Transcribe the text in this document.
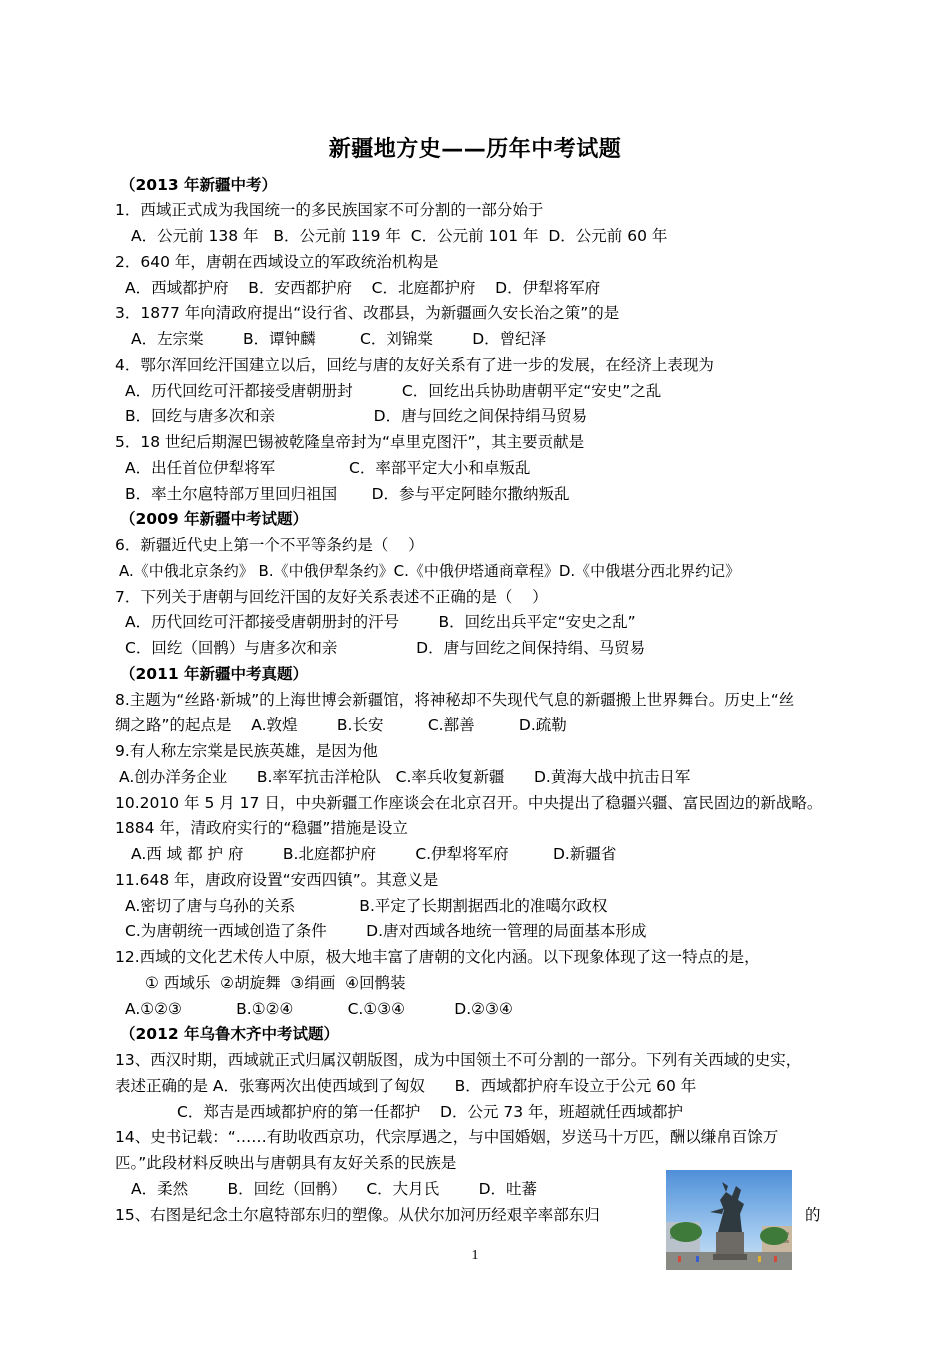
新疆地方史——历年中考试题
（2013 年新疆中考）
1．西域正式成为我国统一的多民族国家不可分割的一部分始于
A．公元前 138 年   B．公元前 119 年  C．公元前 101 年  D．公元前 60 年
2．640 年，唐朝在西域设立的军政统治机构是
A．西域都护府    B．安西都护府    C．北庭都护府    D．伊犁将军府
3．1877 年向清政府提出“设行省、改郡县，为新疆画久安长治之策”的是
A．左宗棠        B．谭钟麟         C．刘锦棠        D．曾纪泽
4．鄂尔浑回纥汗国建立以后，回纥与唐的友好关系有了进一步的发展，在经济上表现为
A．历代回纥可汗都接受唐朝册封          C．回纥出兵协助唐朝平定“安史”之乱
B．回纥与唐多次和亲                    D．唐与回纥之间保持绢马贸易
5．18 世纪后期渥巴锡被乾隆皇帝封为“卓里克图汗”，其主要贡献是
A．出任首位伊犁将军               C．率部平定大小和卓叛乱
B．率土尔扈特部万里回归祖国       D．参与平定阿睦尔撒纳叛乱
（2009 年新疆中考试题）
6．新疆近代史上第一个不平等条约是（    ）
A.《中俄北京条约》 B.《中俄伊犁条约》C.《中俄伊塔通商章程》D.《中俄堪分西北界约记》
7．下列关于唐朝与回纥汗国的友好关系表述不正确的是（    ）
A．历代回纥可汗都接受唐朝册封的汗号        B．回纥出兵平定“安史之乱”
C．回纥（回鹘）与唐多次和亲                D．唐与回纥之间保持绢、马贸易
（2011 年新疆中考真题）
8.主题为“丝路·新城”的上海世博会新疆馆，将神秘却不失现代气息的新疆搬上世界舞台。历史上“丝
绸之路”的起点是    A.敦煌        B.长安         C.鄯善         D.疏勒
9.有人称左宗棠是民族英雄，是因为他
A.创办洋务企业      B.率军抗击洋枪队   C.率兵收复新疆      D.黄海大战中抗击日军
10.2010 年 5 月 17 日，中央新疆工作座谈会在北京召开。中央提出了稳疆兴疆、富民固边的新战略。
1884 年，清政府实行的“稳疆”措施是设立
A.西 域 都 护 府        B.北庭都护府        C.伊犁将军府         D.新疆省
11.648 年，唐政府设置“安西四镇”。其意义是
A.密切了唐与乌孙的关系             B.平定了长期割据西北的准噶尔政权
C.为唐朝统一西域创造了条件        D.唐对西域各地统一管理的局面基本形成
12.西域的文化艺术传人中原，极大地丰富了唐朝的文化内涵。以下现象体现了这一特点的是，
① 西域乐  ②胡旋舞  ③绢画  ④回鹘装
A.①②③           B.①②④           C.①③④          D.②③④
（2012 年乌鲁木齐中考试题）
13、西汉时期，西域就正式归属汉朝版图，成为中国领土不可分割的一部分。下列有关西域的史实，
表述正确的是 A．张骞两次出使西域到了匈奴      B．西域都护府车设立于公元 60 年
C．郑吉是西域都护府的第一任都护    D．公元 73 年，班超就任西域都护
14、史书记载：“……有助收西京功，代宗厚遇之，与中国婚姻，岁送马十万匹，酬以缣帛百馀万
匹。”此段材料反映出与唐朝具有友好关系的民族是
A．柔然        B．回纥（回鹘）    C．大月氏        D．吐蕃
15、右图是纪念土尔扈特部东归的塑像。从伏尔加河历经艰辛率部东归	的
1
